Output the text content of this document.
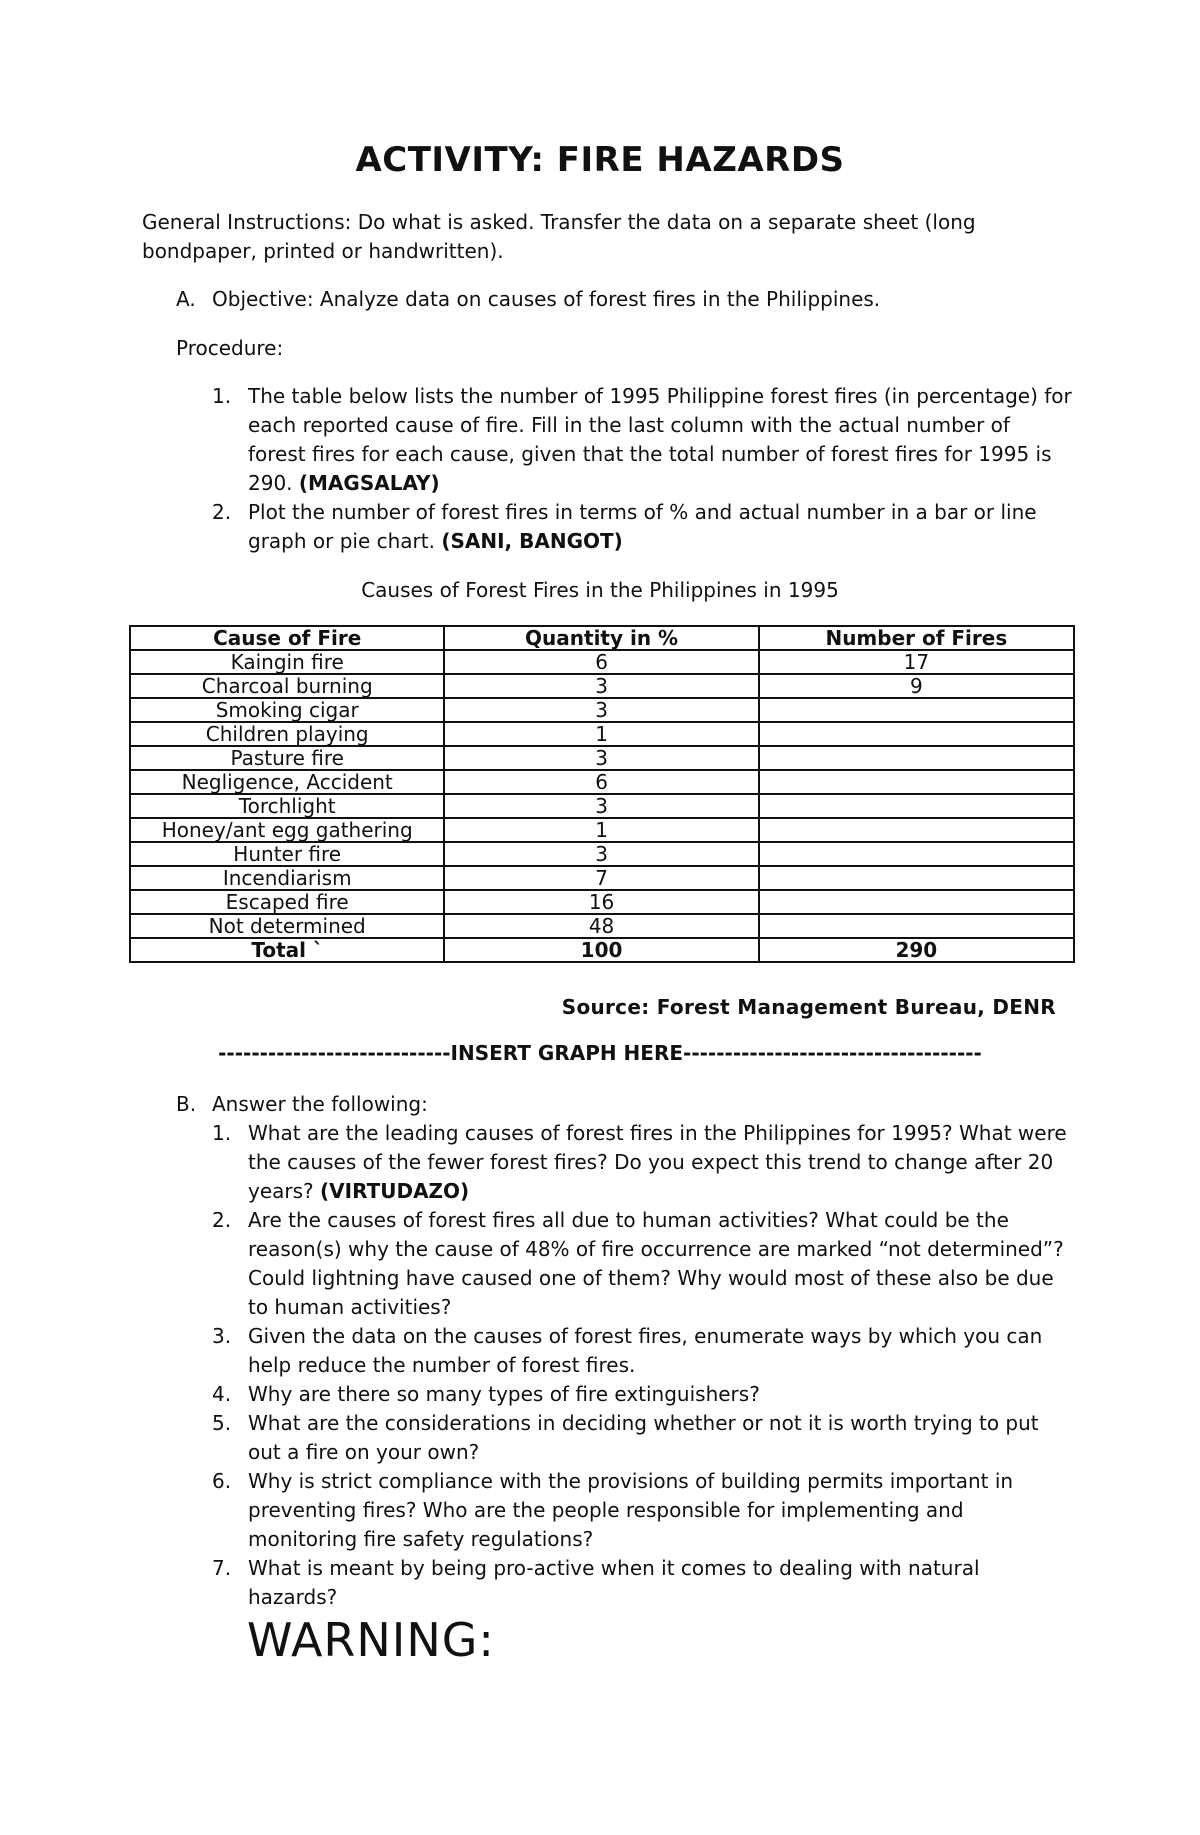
ACTIVITY: FIRE HAZARDS
General Instructions: Do what is asked. Transfer the data on a separate sheet (long bondpaper, printed or handwritten).
A. Objective: Analyze data on causes of forest fires in the Philippines.
Procedure:
1. The table below lists the number of 1995 Philippine forest fires (in percentage) for each reported cause of fire. Fill in the last column with the actual number of forest fires for each cause, given that the total number of forest fires for 1995 is 290. (MAGSALAY)
2. Plot the number of forest fires in terms of % and actual number in a bar or line graph or pie chart. (SANI, BANGOT)
Causes of Forest Fires in the Philippines in 1995
Cause of Fire	Quantity in %	Number of Fires
Kaingin fire	6	17
Charcoal burning	3	9
Smoking cigar	3	
Children playing	1	
Pasture fire	3	
Negligence, Accident	6	
Torchlight	3	
Honey/ant egg gathering	1	
Hunter fire	3	
Incendiarism	7	
Escaped fire	16	
Not determined	48	
Total `	100	290
Source: Forest Management Bureau, DENR
----------------------------INSERT GRAPH HERE------------------------------------
B. Answer the following:
1. What are the leading causes of forest fires in the Philippines for 1995? What were the causes of the fewer forest fires? Do you expect this trend to change after 20 years? (VIRTUDAZO)
2. Are the causes of forest fires all due to human activities? What could be the reason(s) why the cause of 48% of fire occurrence are marked “not determined”? Could lightning have caused one of them? Why would most of these also be due to human activities?
3. Given the data on the causes of forest fires, enumerate ways by which you can help reduce the number of forest fires.
4. Why are there so many types of fire extinguishers?
5. What are the considerations in deciding whether or not it is worth trying to put out a fire on your own?
6. Why is strict compliance with the provisions of building permits important in preventing fires? Who are the people responsible for implementing and monitoring fire safety regulations?
7. What is meant by being pro-active when it comes to dealing with natural hazards?
WARNING:
